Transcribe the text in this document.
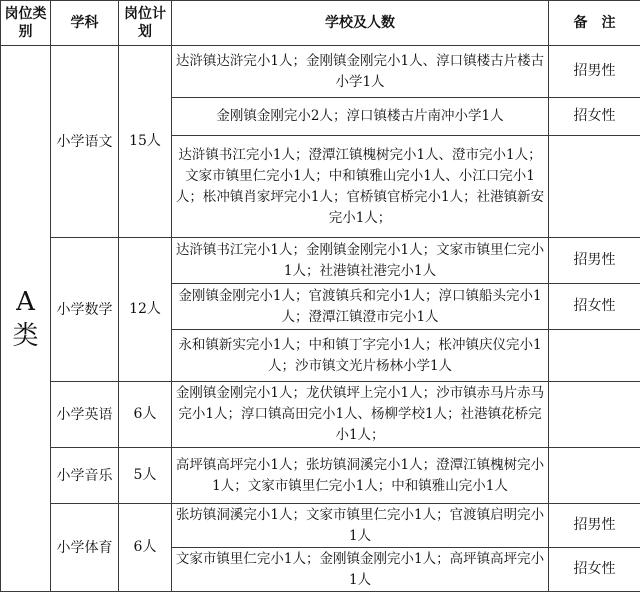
岗位类别	学科	岗位计划	学校及人数	备　注

A
类	小学语文	15人	达浒镇达浒完小1人；金刚镇金刚完小1人、淳口镇楼古片楼古小学1人	招男性
			金刚镇金刚完小2人；淳口镇楼古片南冲小学1人	招女性
			达浒镇书江完小1人；澄潭江镇槐树完小1人、澄市完小1人；文家市镇里仁完小1人；中和镇雅山完小1人、小江口完小1人；枨冲镇肖家坪完小1人；官桥镇官桥完小1人；社港镇新安完小1人；	
	小学数学	12人	达浒镇书江完小1人；金刚镇金刚完小1人；文家市镇里仁完小1人；社港镇社港完小1人	招男性
			金刚镇金刚完小1人；官渡镇兵和完小1人；淳口镇船头完小1人；澄潭江镇澄市完小1人	招女性
			永和镇新实完小1人；中和镇丁字完小1人；枨冲镇庆仪完小1人；沙市镇文光片杨林小学1人	
	小学英语	6人	金刚镇金刚完小1人；龙伏镇坪上完小1人；沙市镇赤马片赤马完小1人；淳口镇高田完小1人、杨柳学校1人；社港镇花桥完小1人；	
	小学音乐	5人	高坪镇高坪完小1人；张坊镇洞溪完小1人；澄潭江镇槐树完小1人；文家市镇里仁完小1人；中和镇雅山完小1人	
	小学体育	6人	张坊镇洞溪完小1人；文家市镇里仁完小1人；官渡镇启明完小1人	招男性
			文家市镇里仁完小1人；金刚镇金刚完小1人；高坪镇高坪完小1人	招女性
